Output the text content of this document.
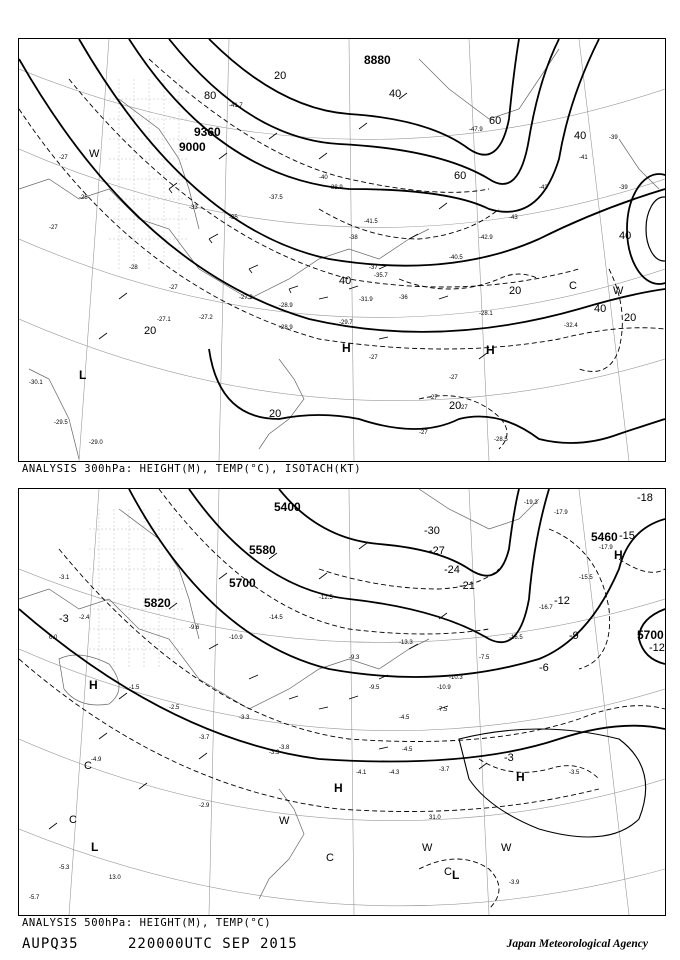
-27
-28
-27
-28
-27
-27.2
-27.3
-28.9
-38
-37
-36
-40.5
-42.9
-43
-43
-41
-39
-39
-27
-27
-27
-27
-27
-40
-37.5
-35
-33
8880
9360
9000
20
40
60
80
20
20
20
20
40
20
40
40
60
40
H	H
L
C	W
W
-41.7
-47.9
-41.5
-38.9
-35.7
-31.9
-29.7
-28.1
-28.9
-30.1
-29.5
-28.5
-27.1
-32.4
-29.0
ANALYSIS 300hPa: HEIGHT(M), TEMP(°C), ISOTACH(KT)
-3.1
-2.4
6.0
-1.5
-2.5
-3.7
-3.3
-3.8
-9.3
-9.5
-4.5
-10.3
-7.5
-16.5
-16.7
-15.5
-17.9
31.0
-12.5
-14.5
-10.9
-9.6
13.0
-5.3
5400
5580
5820
5700
5700
5460
-18
-30
-27
-24
-21
-12
-9
-6
-3
-3
-12
-15
H
H
H
H
L
L
C
C
C
W	W
W
C
-17.9
-19.3
-13.3
-10.9
-7.5
-4.5
-3.7	-3.5
-4.9
-4.1
-3.9
-2.9
-4.3
-3.3
-5.7
ANALYSIS 500hPa: HEIGHT(M), TEMP(°C)
AUPQ35	220000UTC SEP 2015	Japan Meteorological Agency
